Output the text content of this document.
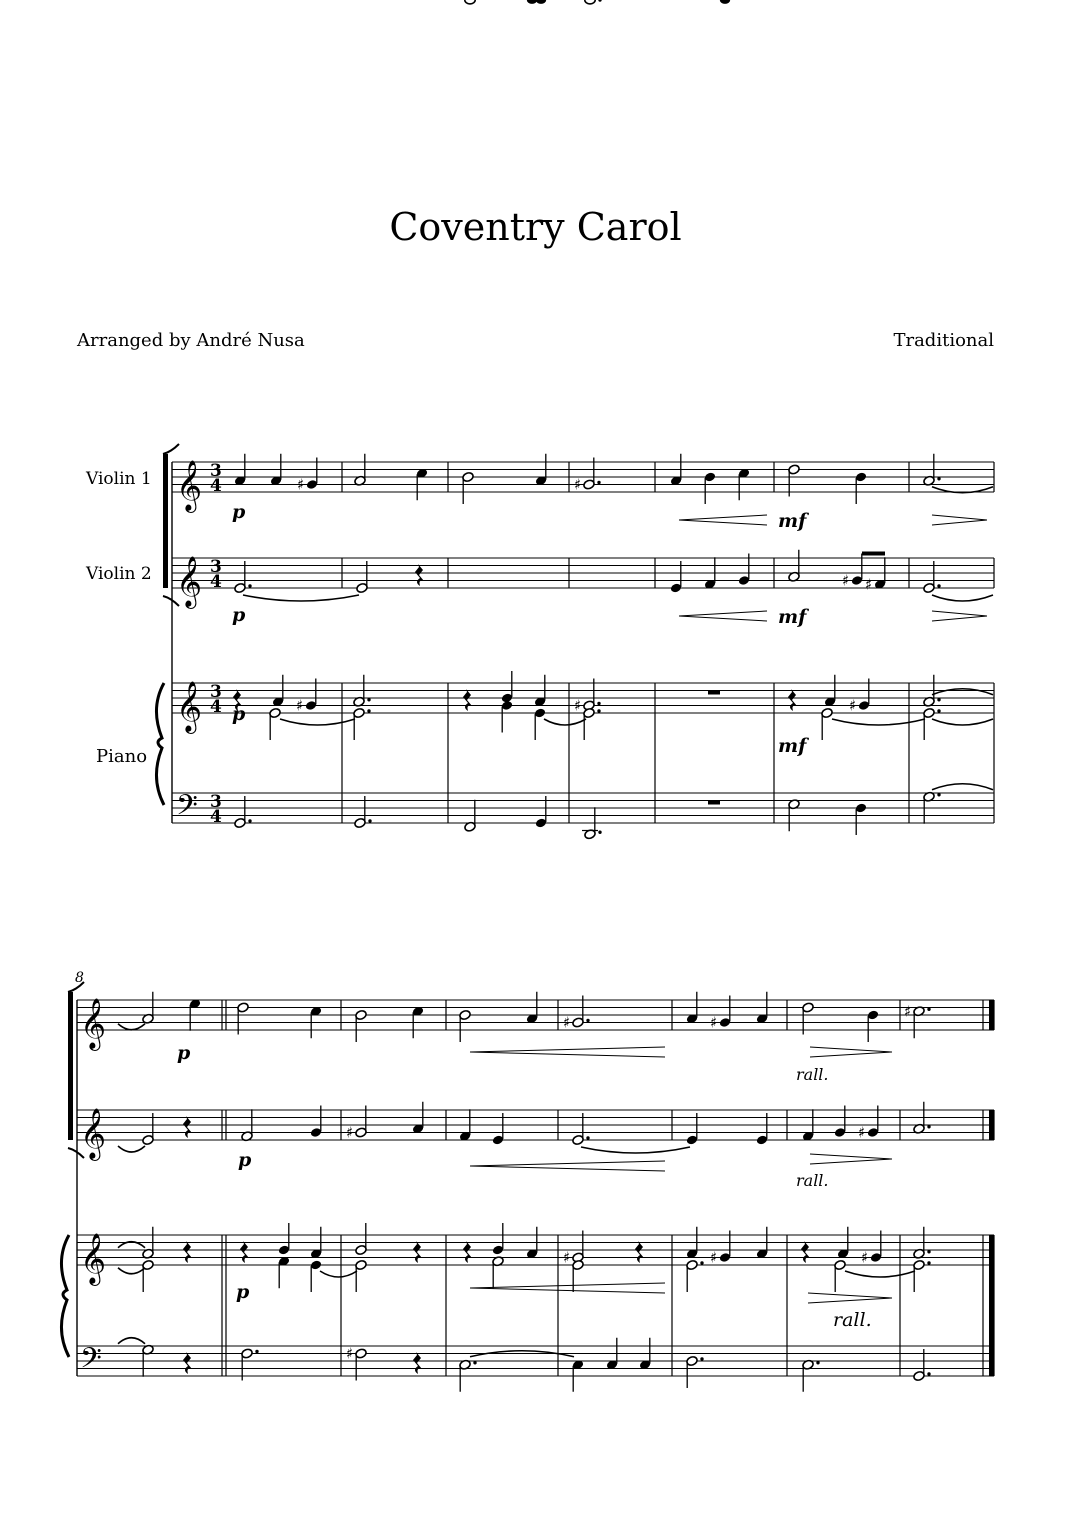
Coventry Carol
Arranged by André Nusa	Traditional
♯	♯
♯ ♯
♯	♯	♯
♯	♯
♯
♯	♯
♯	♯	♯
♯
𝄞
𝄞
𝄞
𝄢
3
4
3
4
3
4
3
4
Violin 1
Violin 2
Piano
p	mf
p	mf
p
mf
𝄞
𝄞
𝄞
𝄢
8
p
rall.
p
rall.
p
rall.
